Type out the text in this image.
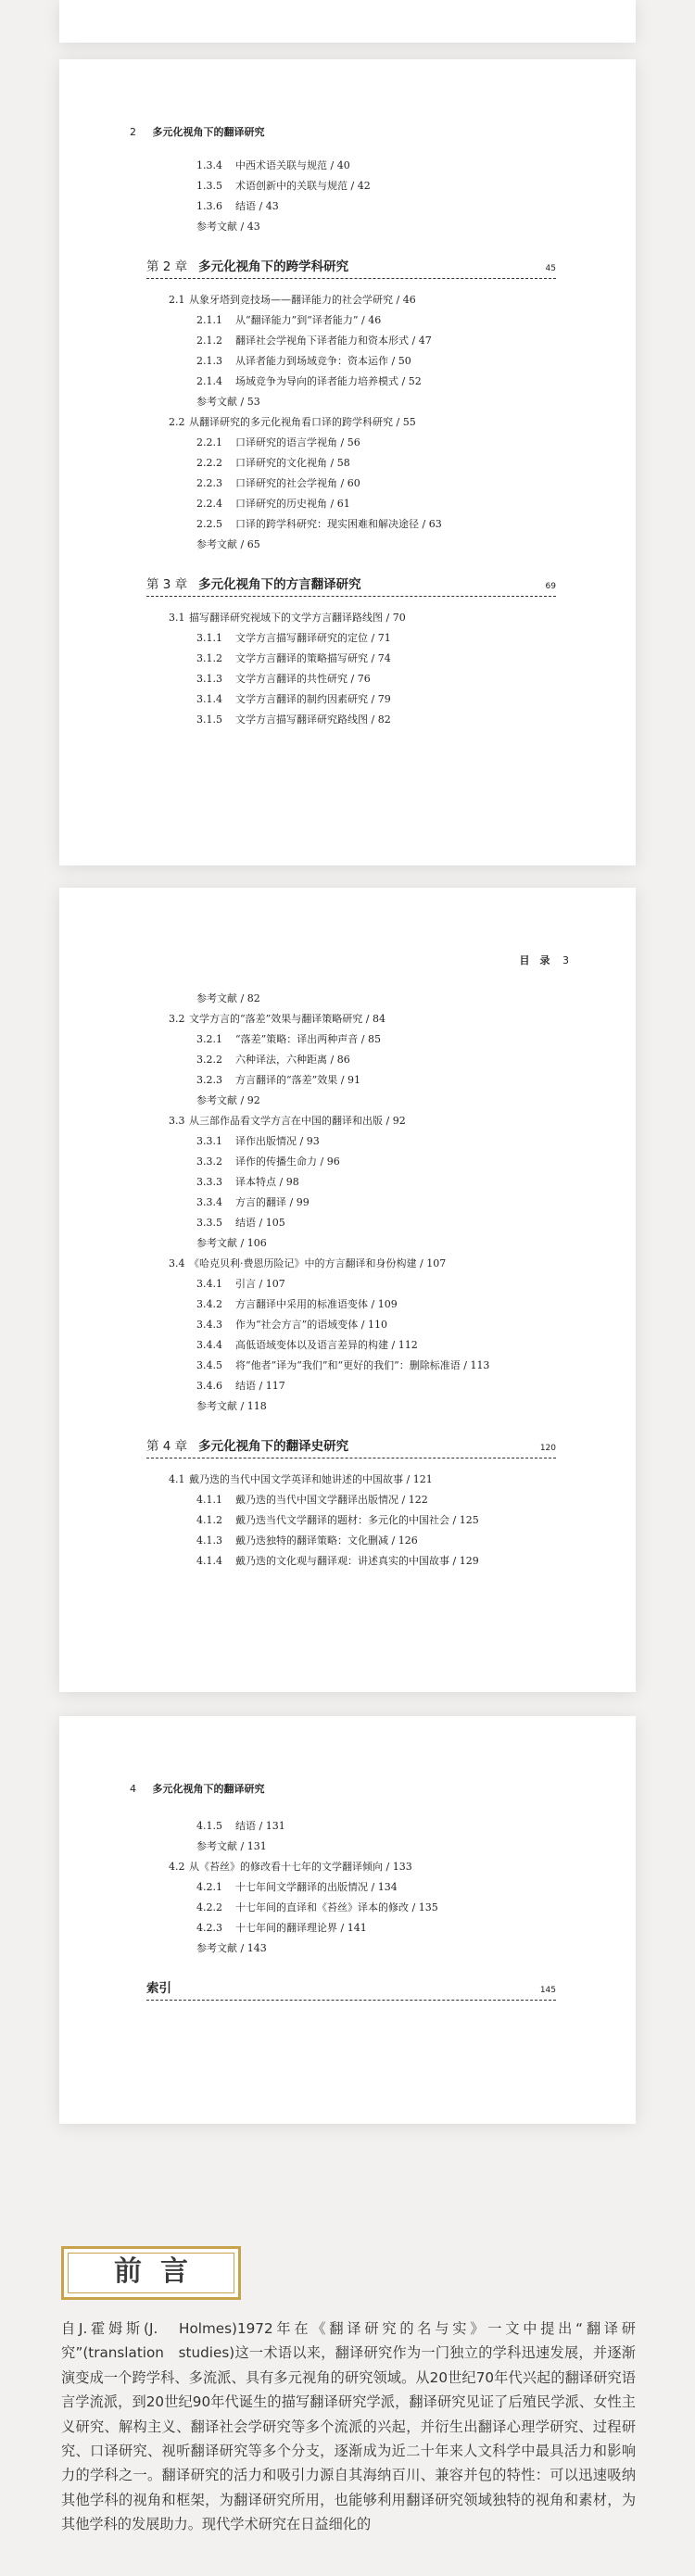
2 多元化视角下的翻译研究
1.3.4 中西术语关联与规范 / 40
1.3.5 术语创新中的关联与规范 / 42
1.3.6 结语 / 43
参考文献 / 43
第 2 章 多元化视角下的跨学科研究	45
2.1 从象牙塔到竞技场——翻译能力的社会学研究 / 46
2.1.1 从“翻译能力”到“译者能力” / 46
2.1.2 翻译社会学视角下译者能力和资本形式 / 47
2.1.3 从译者能力到场域竞争：资本运作 / 50
2.1.4 场域竞争为导向的译者能力培养模式 / 52
参考文献 / 53
2.2 从翻译研究的多元化视角看口译的跨学科研究 / 55
2.2.1 口译研究的语言学视角 / 56
2.2.2 口译研究的文化视角 / 58
2.2.3 口译研究的社会学视角 / 60
2.2.4 口译研究的历史视角 / 61
2.2.5 口译的跨学科研究：现实困难和解决途径 / 63
参考文献 / 65
第 3 章 多元化视角下的方言翻译研究	69
3.1 描写翻译研究视域下的文学方言翻译路线图 / 70
3.1.1 文学方言描写翻译研究的定位 / 71
3.1.2 文学方言翻译的策略描写研究 / 74
3.1.3 文学方言翻译的共性研究 / 76
3.1.4 文学方言翻译的制约因素研究 / 79
3.1.5 文学方言描写翻译研究路线图 / 82
目　录 3
参考文献 / 82
3.2 文学方言的“落差”效果与翻译策略研究 / 84
3.2.1 “落差”策略：译出两种声音 / 85
3.2.2 六种译法，六种距离 / 86
3.2.3 方言翻译的“落差”效果 / 91
参考文献 / 92
3.3 从三部作品看文学方言在中国的翻译和出版 / 92
3.3.1 译作出版情况 / 93
3.3.2 译作的传播生命力 / 96
3.3.3 译本特点 / 98
3.3.4 方言的翻译 / 99
3.3.5 结语 / 105
参考文献 / 106
3.4 《哈克贝利·费恩历险记》中的方言翻译和身份构建 / 107
3.4.1 引言 / 107
3.4.2 方言翻译中采用的标准语变体 / 109
3.4.3 作为“社会方言”的语域变体 / 110
3.4.4 高低语域变体以及语言差异的构建 / 112
3.4.5 将“他者”译为“我们”和“更好的我们”：删除标准语 / 113
3.4.6 结语 / 117
参考文献 / 118
第 4 章 多元化视角下的翻译史研究	120
4.1 戴乃迭的当代中国文学英译和她讲述的中国故事 / 121
4.1.1 戴乃迭的当代中国文学翻译出版情况 / 122
4.1.2 戴乃迭当代文学翻译的题材：多元化的中国社会 / 125
4.1.3 戴乃迭独特的翻译策略：文化删减 / 126
4.1.4 戴乃迭的文化观与翻译观：讲述真实的中国故事 / 129
4 多元化视角下的翻译研究
4.1.5 结语 / 131
参考文献 / 131
4.2 从《苔丝》的修改看十七年的文学翻译倾向 / 133
4.2.1 十七年间文学翻译的出版情况 / 134
4.2.2 十七年间的直译和《苔丝》译本的修改 / 135
4.2.3 十七年间的翻译理论界 / 141
参考文献 / 143
索引	145
前言
自J.霍姆斯(J.　Holmes)1972年在《翻译研究的名与实》一文中提出“翻译研究”(translation　studies)这一术语以来，翻译研究作为一门独立的学科迅速发展，并逐渐演变成一个跨学科、多流派、具有多元视角的研究领域。从20世纪70年代兴起的翻译研究语言学流派，到20世纪90年代诞生的描写翻译研究学派，翻译研究见证了后殖民学派、女性主义研究、解构主义、翻译社会学研究等多个流派的兴起，并衍生出翻译心理学研究、过程研究、口译研究、视听翻译研究等多个分支，逐渐成为近二十年来人文科学中最具活力和影响力的学科之一。翻译研究的活力和吸引力源自其海纳百川、兼容并包的特性：可以迅速吸纳其他学科的视角和框架，为翻译研究所用，也能够利用翻译研究领域独特的视角和素材，为其他学科的发展助力。现代学术研究在日益细化的
